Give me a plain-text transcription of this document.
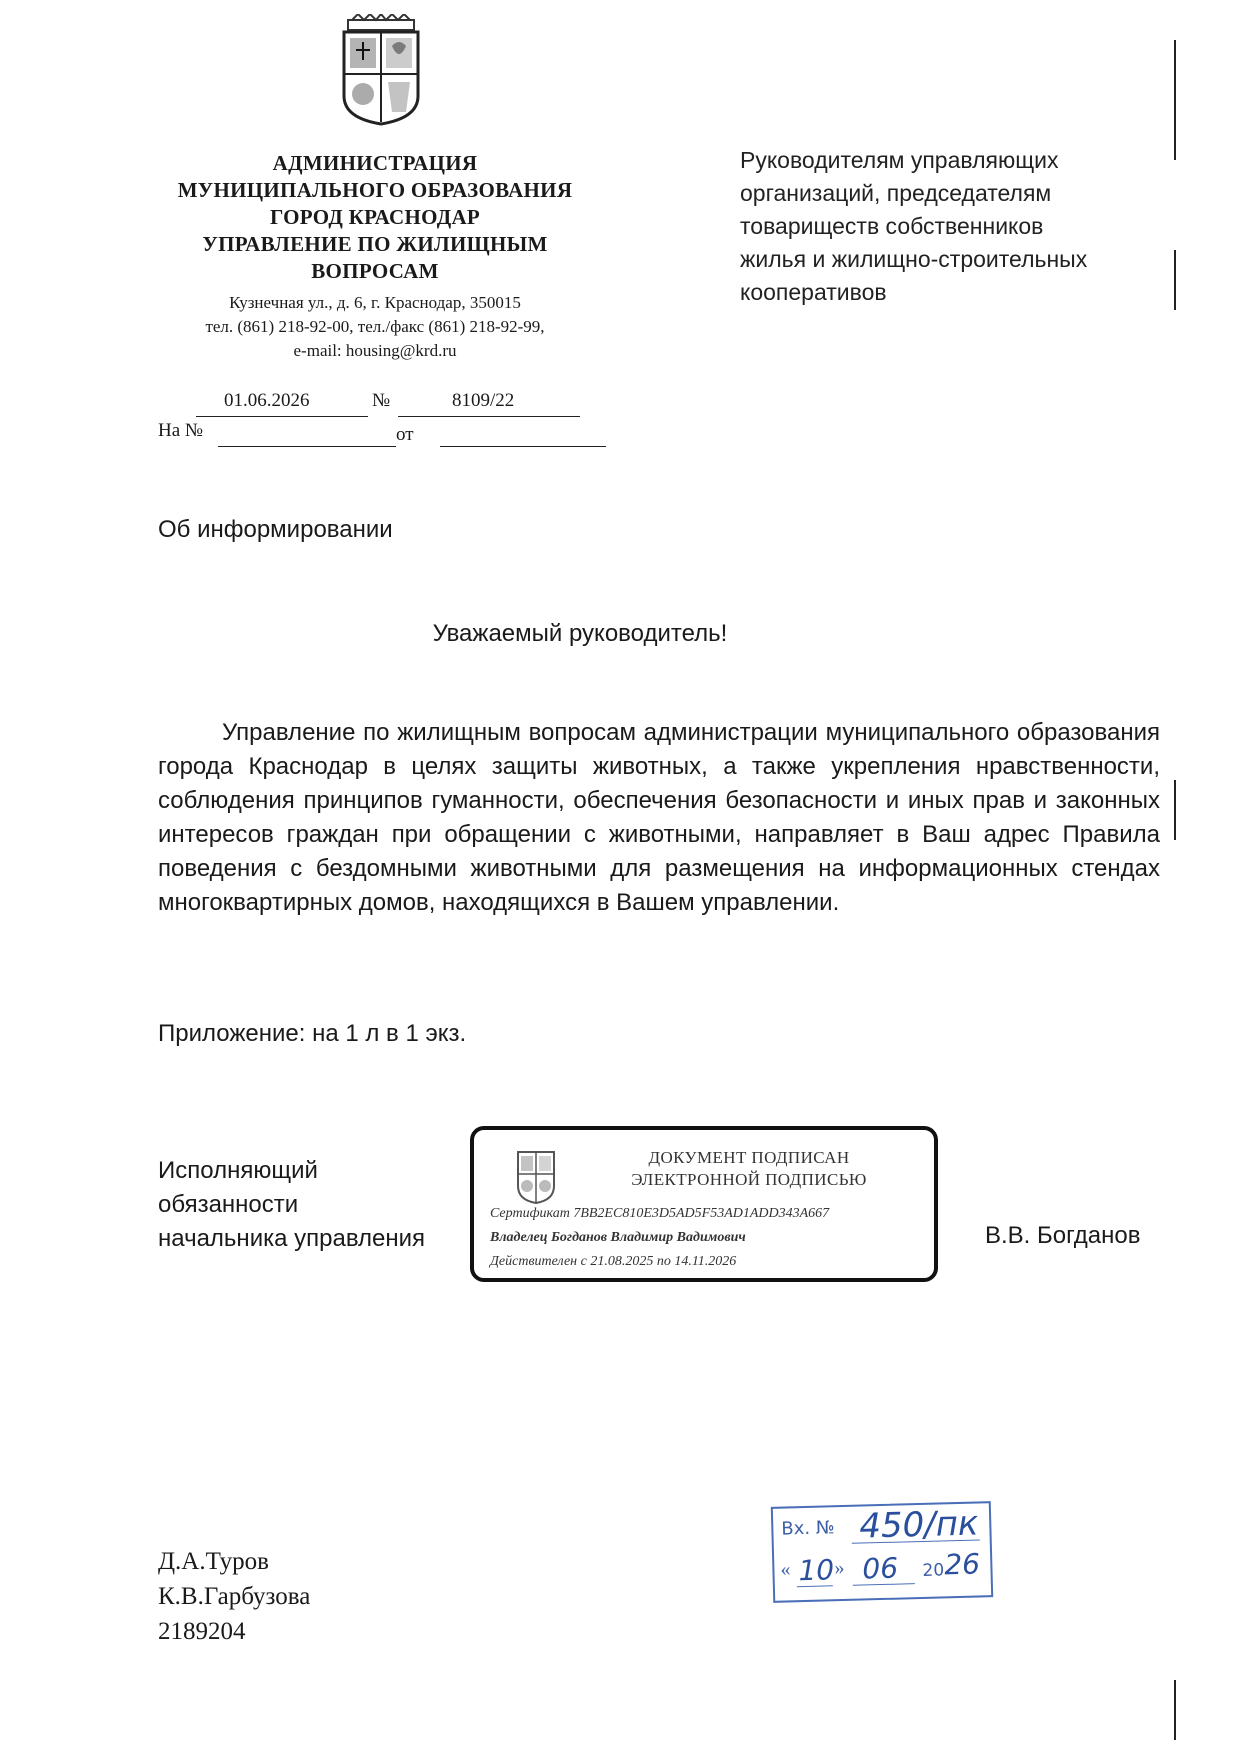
АДМИНИСТРАЦИЯ
МУНИЦИПАЛЬНОГО ОБРАЗОВАНИЯ
ГОРОД КРАСНОДАР
УПРАВЛЕНИЕ ПО ЖИЛИЩНЫМ
ВОПРОСАМ
Кузнечная ул., д. 6, г. Краснодар, 350015
тел. (861) 218-92-00, тел./факс (861) 218-92-99,
e-mail: housing@krd.ru
01.06.2026	№	8109/22
На №	от
Руководителям управляющих
организаций, председателям
товариществ собственников
жилья и жилищно-строительных
кооперативов
Об информировании
Уважаемый руководитель!

Управление по жилищным вопросам администрации муниципального образования города Краснодар в целях защиты животных, а также укрепления нравственности, соблюдения принципов гуманности, обеспечения безопасности и иных прав и законных интересов граждан при обращении с животными, направляет в Ваш адрес Правила поведения с бездомными животными для размещения на информационных стендах многоквартирных домов, находящихся в Вашем управлении.

Приложение: на 1 л в 1 экз.
Исполняющий
обязанности
начальника управления	В.В. Богданов
ДОКУМЕНТ ПОДПИСАН
ЭЛЕКТРОННОЙ ПОДПИСЬЮ
Сертификат 7BB2EC810E3D5AD5F53AD1ADD343A667
Владелец Богданов Владимир Вадимович
Действителен с 21.08.2025 по 14.11.2026
Вх. № 450/пк
« 10 » 06 20 26
Д.А.Туров
К.В.Гарбузова
2189204
